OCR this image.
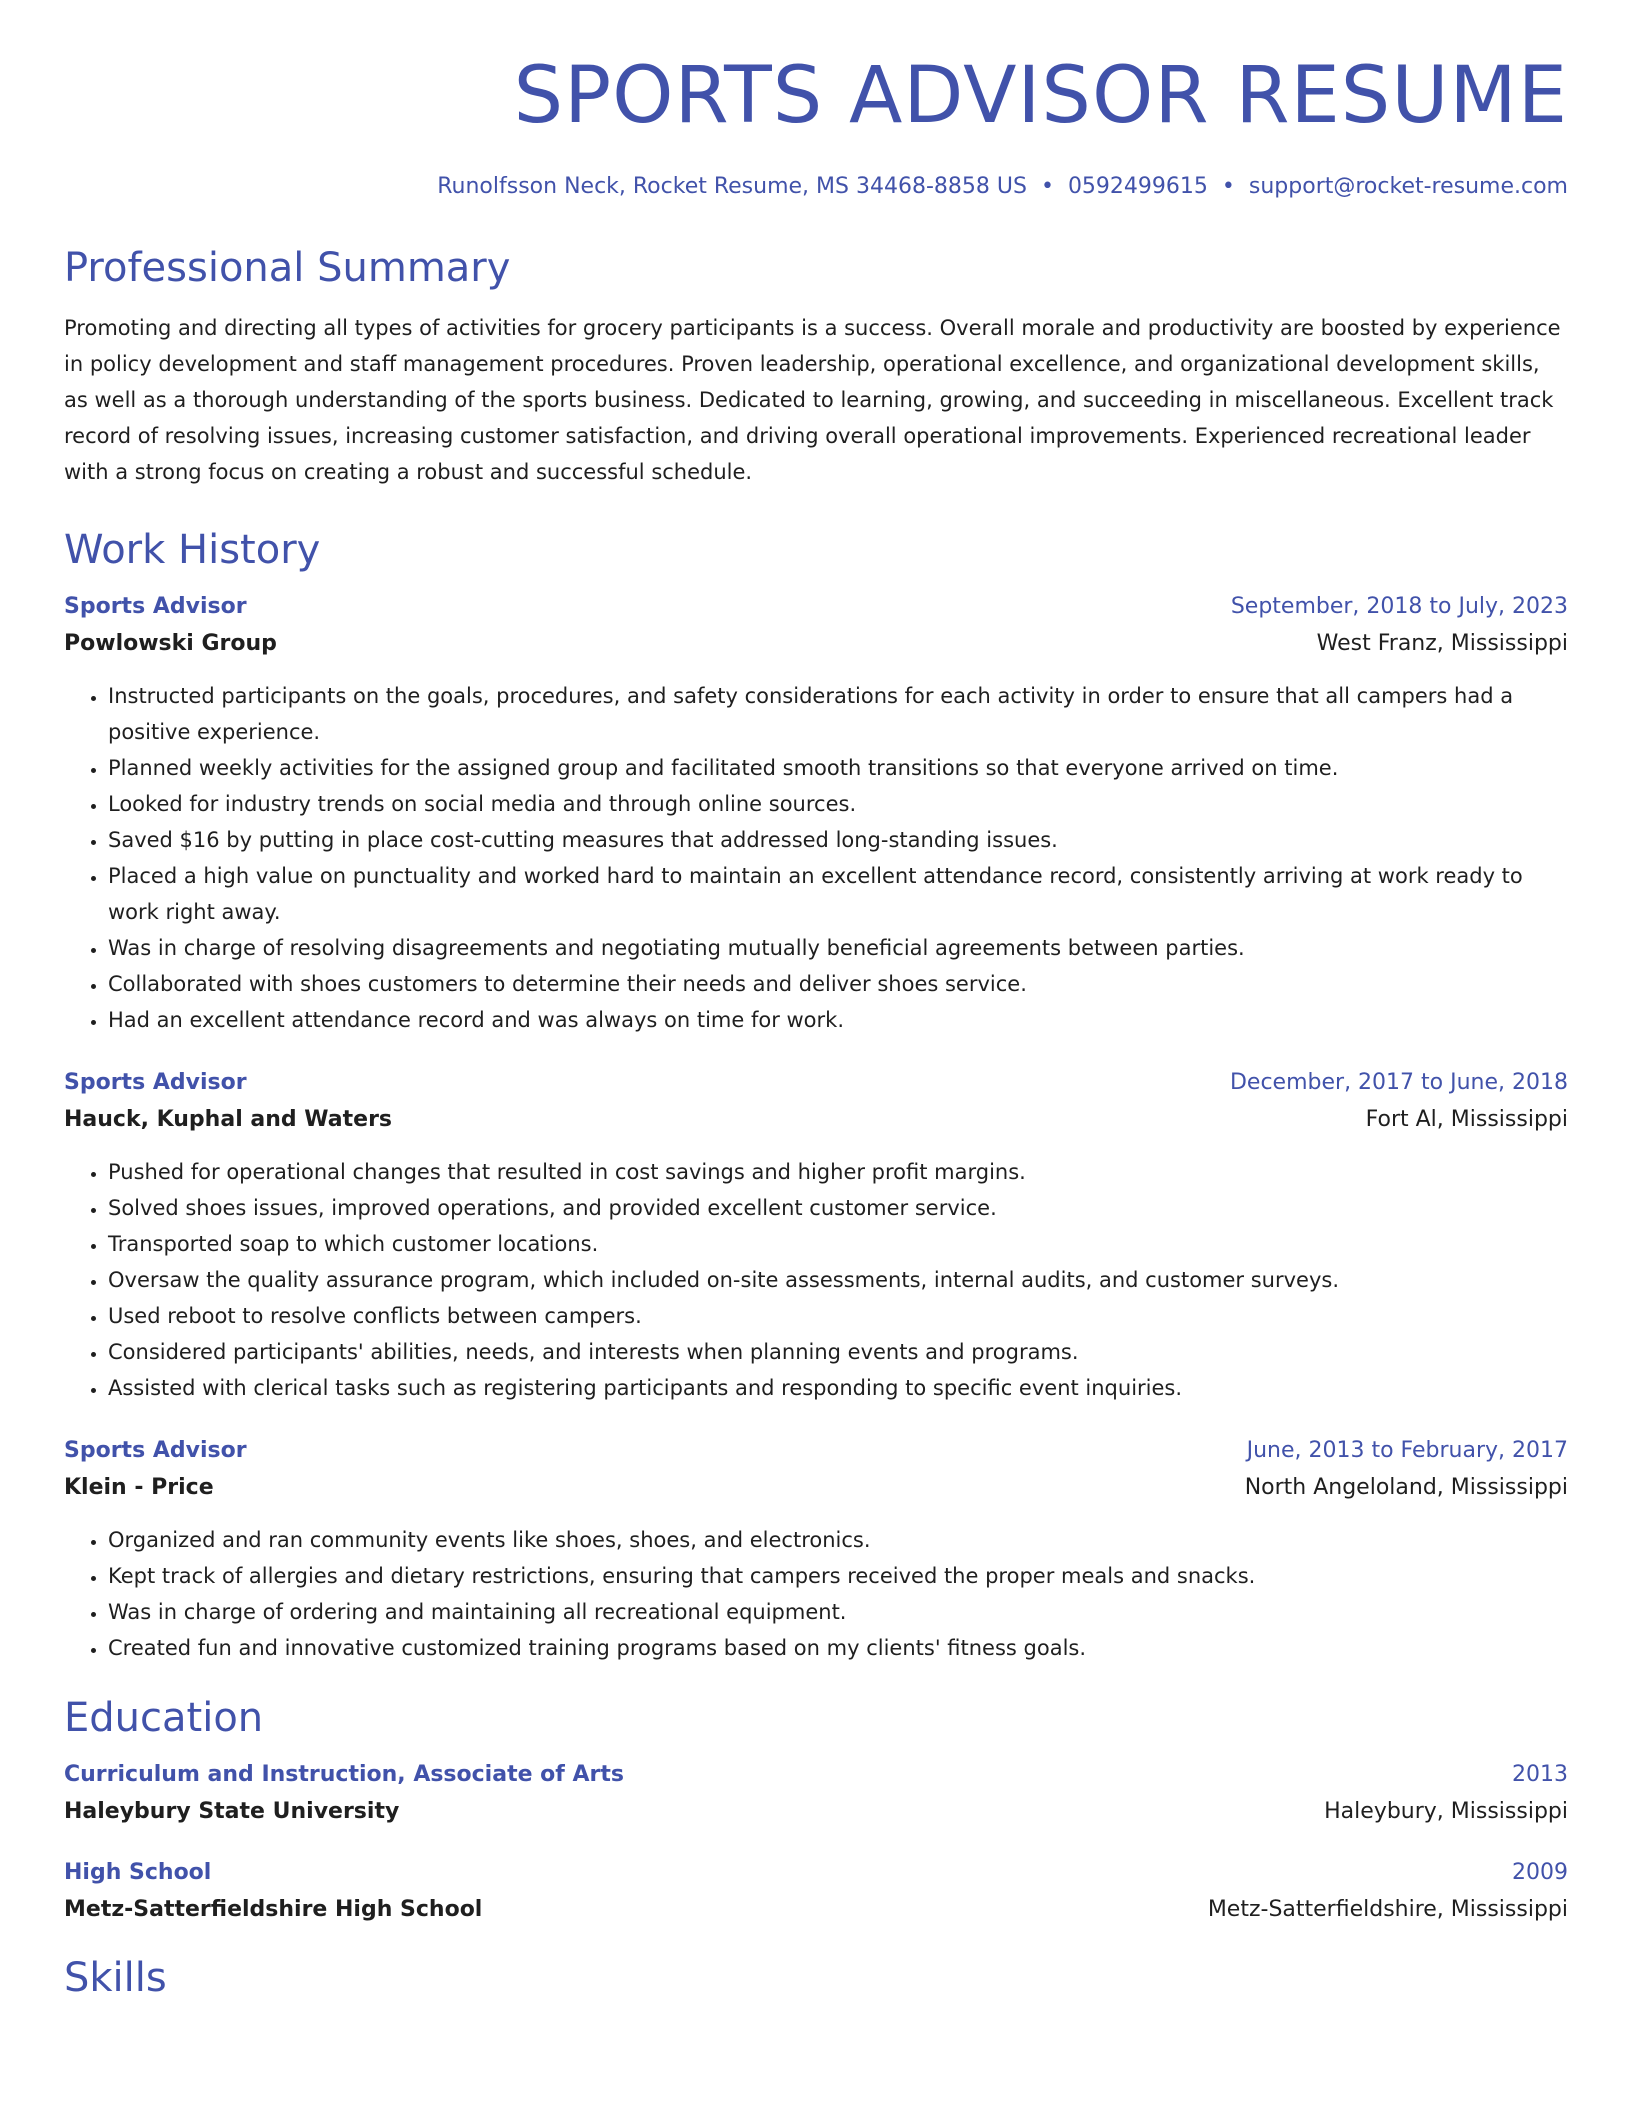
SPORTS ADVISOR RESUME
Runolfsson Neck, Rocket Resume, MS 34468-8858 US • 0592499615 • support@rocket-resume.com
Professional Summary

Promoting and directing all types of activities for grocery participants is a success. Overall morale and productivity are boosted by experience in policy development and staff management procedures. Proven leadership, operational excellence, and organizational development skills, as well as a thorough understanding of the sports business. Dedicated to learning, growing, and succeeding in miscellaneous. Excellent track record of resolving issues, increasing customer satisfaction, and driving overall operational improvements. Experienced recreational leader with a strong focus on creating a robust and successful schedule.

Work History
Sports Advisor	September, 2018 to July, 2023
Powlowski Group	West Franz, Mississippi
• Instructed participants on the goals, procedures, and safety considerations for each activity in order to ensure that all campers had a positive experience.
• Planned weekly activities for the assigned group and facilitated smooth transitions so that everyone arrived on time.
• Looked for industry trends on social media and through online sources.
• Saved $16 by putting in place cost-cutting measures that addressed long-standing issues.
• Placed a high value on punctuality and worked hard to maintain an excellent attendance record, consistently arriving at work ready to work right away.
• Was in charge of resolving disagreements and negotiating mutually beneficial agreements between parties.
• Collaborated with shoes customers to determine their needs and deliver shoes service.
• Had an excellent attendance record and was always on time for work.
Sports Advisor	December, 2017 to June, 2018
Hauck, Kuphal and Waters	Fort Al, Mississippi
• Pushed for operational changes that resulted in cost savings and higher profit margins.
• Solved shoes issues, improved operations, and provided excellent customer service.
• Transported soap to which customer locations.
• Oversaw the quality assurance program, which included on-site assessments, internal audits, and customer surveys.
• Used reboot to resolve conflicts between campers.
• Considered participants' abilities, needs, and interests when planning events and programs.
• Assisted with clerical tasks such as registering participants and responding to specific event inquiries.
Sports Advisor	June, 2013 to February, 2017
Klein - Price	North Angeloland, Mississippi
• Organized and ran community events like shoes, shoes, and electronics.
• Kept track of allergies and dietary restrictions, ensuring that campers received the proper meals and snacks.
• Was in charge of ordering and maintaining all recreational equipment.
• Created fun and innovative customized training programs based on my clients' fitness goals.
Education
Curriculum and Instruction, Associate of Arts	2013
Haleybury State University	Haleybury, Mississippi
High School	2009
Metz-Satterfieldshire High School	Metz-Satterfieldshire, Mississippi
Skills
